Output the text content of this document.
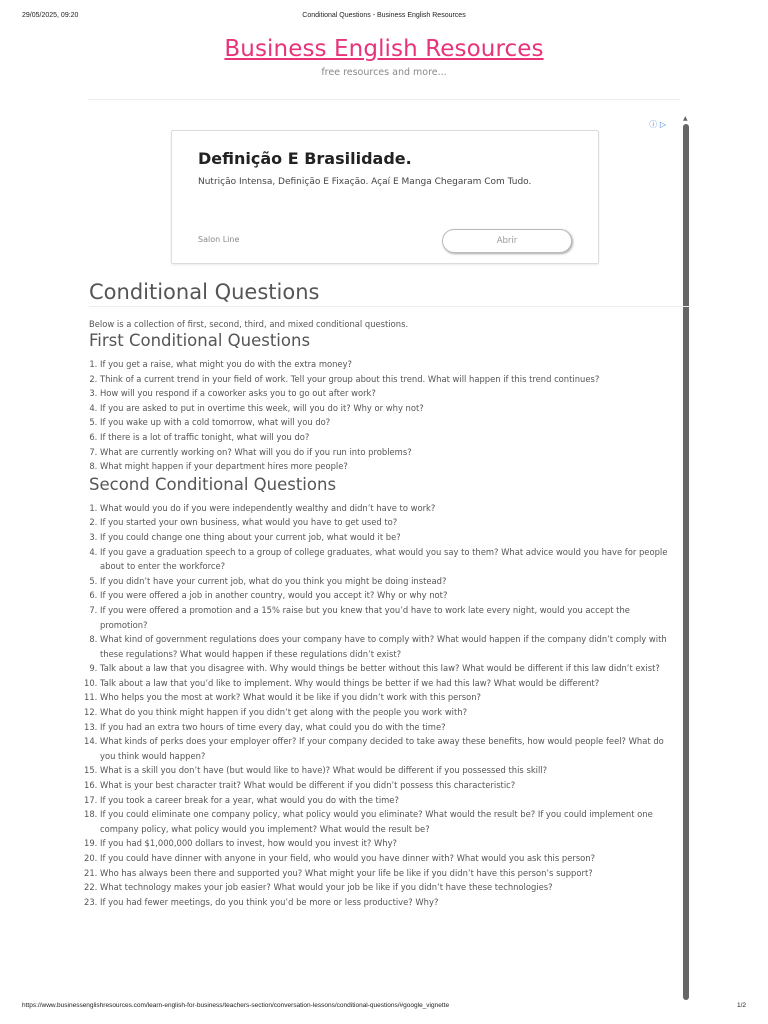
29/05/2025, 09:20	Conditional Questions - Business English Resources
Business English Resources
free resources and more...
ⓘ ▷
Definição E Brasilidade.
Nutrição Intensa, Definição E Fixação. Açaí E Manga Chegaram Com Tudo.
Salon Line	Abrir
▲
Conditional Questions

Below is a collection of first, second, third, and mixed conditional questions.

First Conditional Questions
1. If you get a raise, what might you do with the extra money?
2. Think of a current trend in your field of work. Tell your group about this trend. What will happen if this trend continues?
3. How will you respond if a coworker asks you to go out after work?
4. If you are asked to put in overtime this week, will you do it? Why or why not?
5. If you wake up with a cold tomorrow, what will you do?
6. If there is a lot of traffic tonight, what will you do?
7. What are currently working on? What will you do if you run into problems?
8. What might happen if your department hires more people?
Second Conditional Questions
1. What would you do if you were independently wealthy and didn’t have to work?
2. If you started your own business, what would you have to get used to?
3. If you could change one thing about your current job, what would it be?
4. If you gave a graduation speech to a group of college graduates, what would you say to them? What advice would you have for people about to enter the workforce?
5. If you didn’t have your current job, what do you think you might be doing instead?
6. If you were offered a job in another country, would you accept it? Why or why not?
7. If you were offered a promotion and a 15% raise but you knew that you’d have to work late every night, would you accept the promotion?
8. What kind of government regulations does your company have to comply with? What would happen if the company didn’t comply with these regulations? What would happen if these regulations didn’t exist?
9. Talk about a law that you disagree with. Why would things be better without this law? What would be different if this law didn’t exist?
10. Talk about a law that you’d like to implement. Why would things be better if we had this law? What would be different?
11. Who helps you the most at work? What would it be like if you didn’t work with this person?
12. What do you think might happen if you didn’t get along with the people you work with?
13. If you had an extra two hours of time every day, what could you do with the time?
14. What kinds of perks does your employer offer? If your company decided to take away these benefits, how would people feel? What do you think would happen?
15. What is a skill you don’t have (but would like to have)? What would be different if you possessed this skill?
16. What is your best character trait? What would be different if you didn’t possess this characteristic?
17. If you took a career break for a year, what would you do with the time?
18. If you could eliminate one company policy, what policy would you eliminate? What would the result be? If you could implement one company policy, what policy would you implement? What would the result be?
19. If you had $1,000,000 dollars to invest, how would you invest it? Why?
20. If you could have dinner with anyone in your field, who would you have dinner with? What would you ask this person?
21. Who has always been there and supported you? What might your life be like if you didn’t have this person’s support?
22. What technology makes your job easier? What would your job be like if you didn’t have these technologies?
23. If you had fewer meetings, do you think you’d be more or less productive? Why?
https://www.businessenglishresources.com/learn-english-for-business/teachers-section/conversation-lessons/conditional-questions/#google_vignette	1/2
